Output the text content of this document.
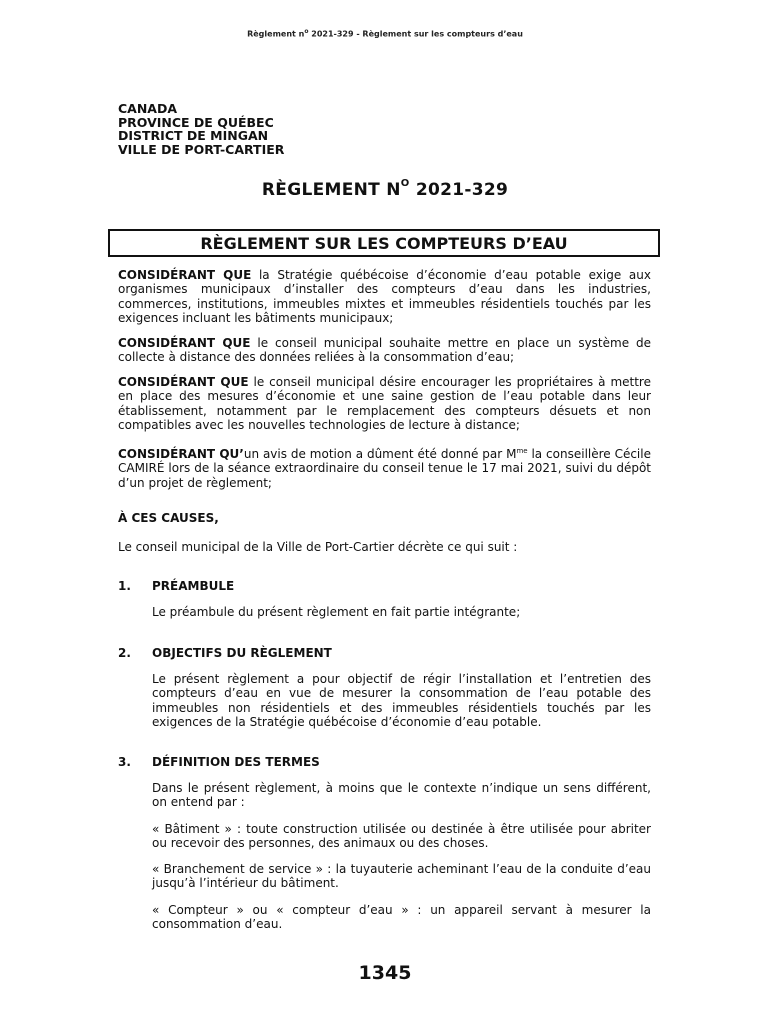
Règlement $n^o$ 2021-329 - Règlement sur les compteurs d’eau
CANADA
PROVINCE DE QUÉBEC
DISTRICT DE MINGAN
VILLE DE PORT-CARTIER
RÈGLEMENT $N^O$ 2021-329
RÈGLEMENT SUR LES COMPTEURS D’EAU

CONSIDÉRANT QUE la Stratégie québécoise d’économie d’eau potable exige aux organismes municipaux d’installer des compteurs d’eau dans les industries, commerces, institutions, immeubles mixtes et immeubles résidentiels touchés par les exigences incluant les bâtiments municipaux;

CONSIDÉRANT QUE le conseil municipal souhaite mettre en place un système de collecte à distance des données reliées à la consommation d’eau;

CONSIDÉRANT QUE le conseil municipal désire encourager les propriétaires à mettre en place des mesures d’économie et une saine gestion de l’eau potable dans leur établissement, notamment par le remplacement des compteurs désuets et non compatibles avec les nouvelles technologies de lecture à distance;

CONSIDÉRANT QU’un avis de motion a dûment été donné par $M^{me}$ la conseillère Cécile CAMIRÉ lors de la séance extraordinaire du conseil tenue le 17 mai 2021, suivi du dépôt d’un projet de règlement;

À CES CAUSES,
Le conseil municipal de la Ville de Port-Cartier décrète ce qui suit :
1. PRÉAMBULE

Le préambule du présent règlement en fait partie intégrante;

2. OBJECTIFS DU RÈGLEMENT

Le présent règlement a pour objectif de régir l’installation et l’entretien des compteurs d’eau en vue de mesurer la consommation de l’eau potable des immeubles non résidentiels et des immeubles résidentiels touchés par les exigences de la Stratégie québécoise d’économie d’eau potable.

3. DÉFINITION DES TERMES

Dans le présent règlement, à moins que le contexte n’indique un sens différent, on entend par :

« Bâtiment » : toute construction utilisée ou destinée à être utilisée pour abriter ou recevoir des personnes, des animaux ou des choses.

« Branchement de service » : la tuyauterie acheminant l’eau de la conduite d’eau jusqu’à l’intérieur du bâtiment.

« Compteur » ou « compteur d’eau » : un appareil servant à mesurer la consommation d’eau.

1345
